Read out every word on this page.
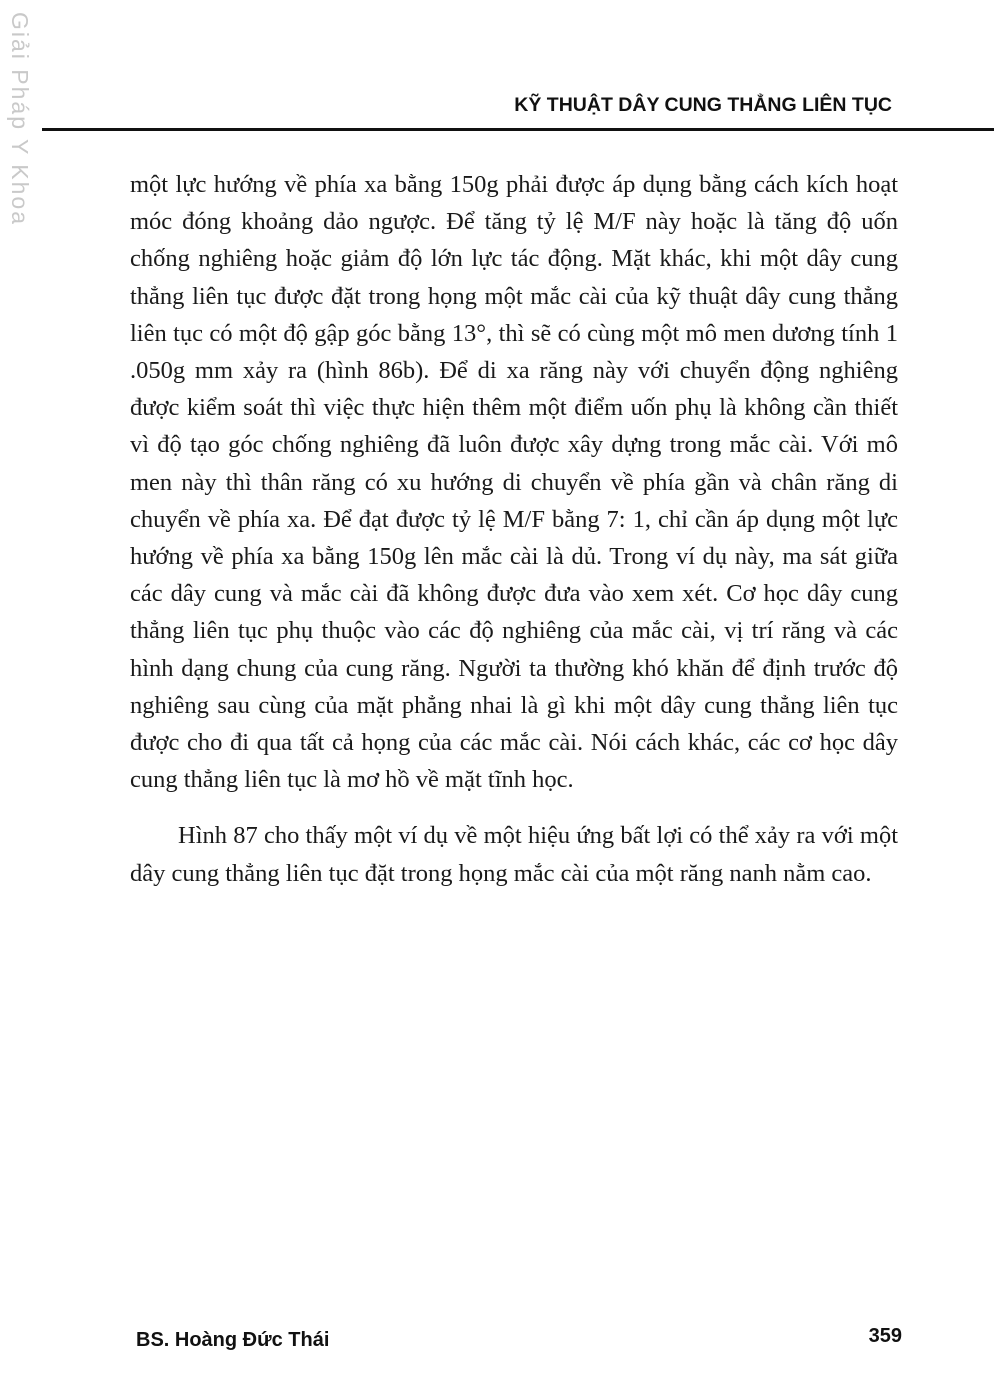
Giải Pháp Y Khoa	KỸ THUẬT DÂY CUNG THẲNG LIÊN TỤC

một lực hướng về phía xa bằng 150g phải được áp dụng bằng cách kích hoạt móc đóng khoảng dảo ngược. Để tăng tỷ lệ M/F này hoặc là tăng độ uốn chống nghiêng hoặc giảm độ lớn lực tác động. Mặt khác, khi một dây cung thẳng liên tục được đặt trong họng một mắc cài của kỹ thuật dây cung thẳng liên tục có một độ gập góc bằng 13°, thì sẽ có cùng một mô men dương tính 1 .050g mm xảy ra (hình 86b). Để di xa răng này với chuyển động nghiêng được kiểm soát thì việc thực hiện thêm một điểm uốn phụ là không cần thiết vì độ tạo góc chống nghiêng đã luôn được xây dựng trong mắc cài. Với mô men này thì thân răng có xu hướng di chuyển về phía gần và chân răng di chuyển về phía xa. Để đạt được tỷ lệ M/F bằng 7: 1, chỉ cần áp dụng một lực hướng về phía xa bằng 150g lên mắc cài là dủ. Trong ví dụ này, ma sát giữa các dây cung và mắc cài đã không được đưa vào xem xét. Cơ học dây cung thẳng liên tục phụ thuộc vào các độ nghiêng của mắc cài, vị trí răng và các hình dạng chung của cung răng. Người ta thường khó khăn để định trước độ nghiêng sau cùng của mặt phẳng nhai là gì khi một dây cung thẳng liên tục được cho đi qua tất cả họng của các mắc cài. Nói cách khác, các cơ học dây cung thẳng liên tục là mơ hồ về mặt tĩnh học.

Hình 87 cho thấy một ví dụ về một hiệu ứng bất lợi có thể xảy ra với một dây cung thẳng liên tục đặt trong họng mắc cài của một răng nanh nằm cao.

BS. Hoàng Đức Thái	359
